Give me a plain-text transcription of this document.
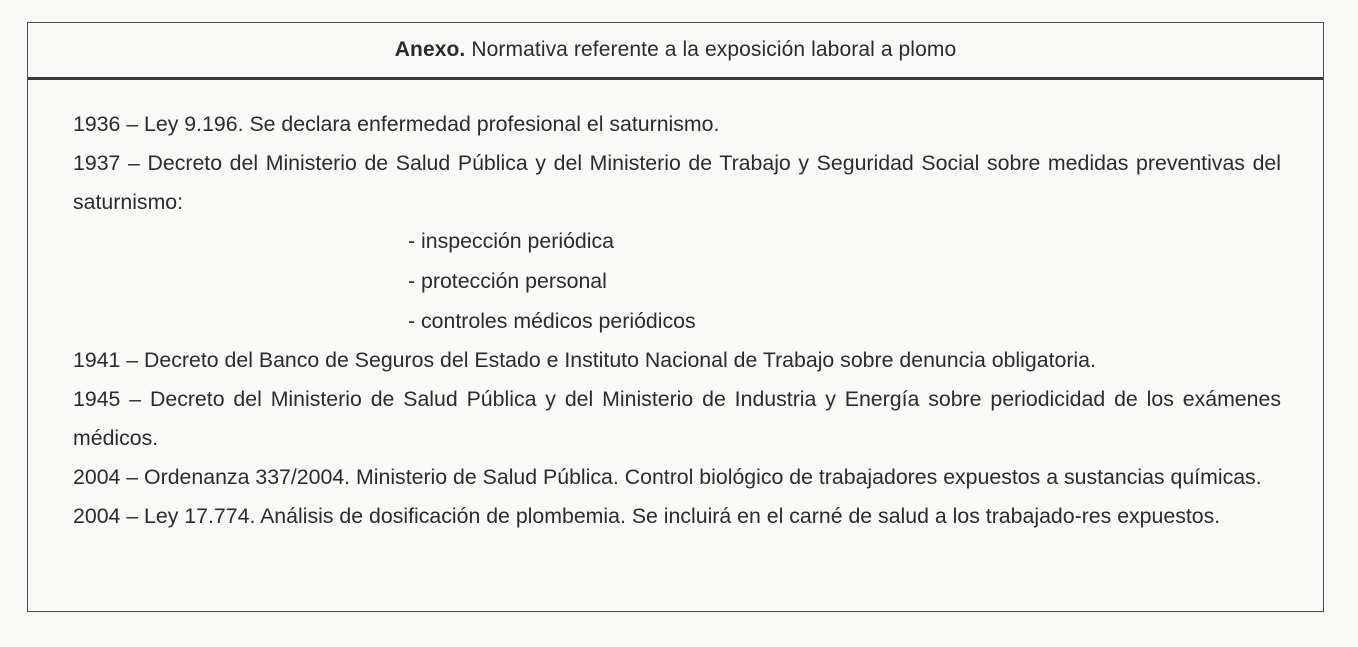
Anexo. Normativa referente a la exposición laboral a plomo
1936 – Ley 9.196. Se declara enfermedad profesional el saturnismo.
1937 – Decreto del Ministerio de Salud Pública y del Ministerio de Trabajo y Seguridad Social sobre medidas preventivas del saturnismo:
- inspección periódica
- protección personal
- controles médicos periódicos
1941 – Decreto del Banco de Seguros del Estado e Instituto Nacional de Trabajo sobre denuncia obligatoria.
1945 – Decreto del Ministerio de Salud Pública y del Ministerio de Industria y Energía sobre periodicidad de los exámenes médicos.
2004 – Ordenanza 337/2004. Ministerio de Salud Pública. Control biológico de trabajadores expuestos a sustancias químicas.
2004 – Ley 17.774. Análisis de dosificación de plombemia. Se incluirá en el carné de salud a los trabajado-res expuestos.
